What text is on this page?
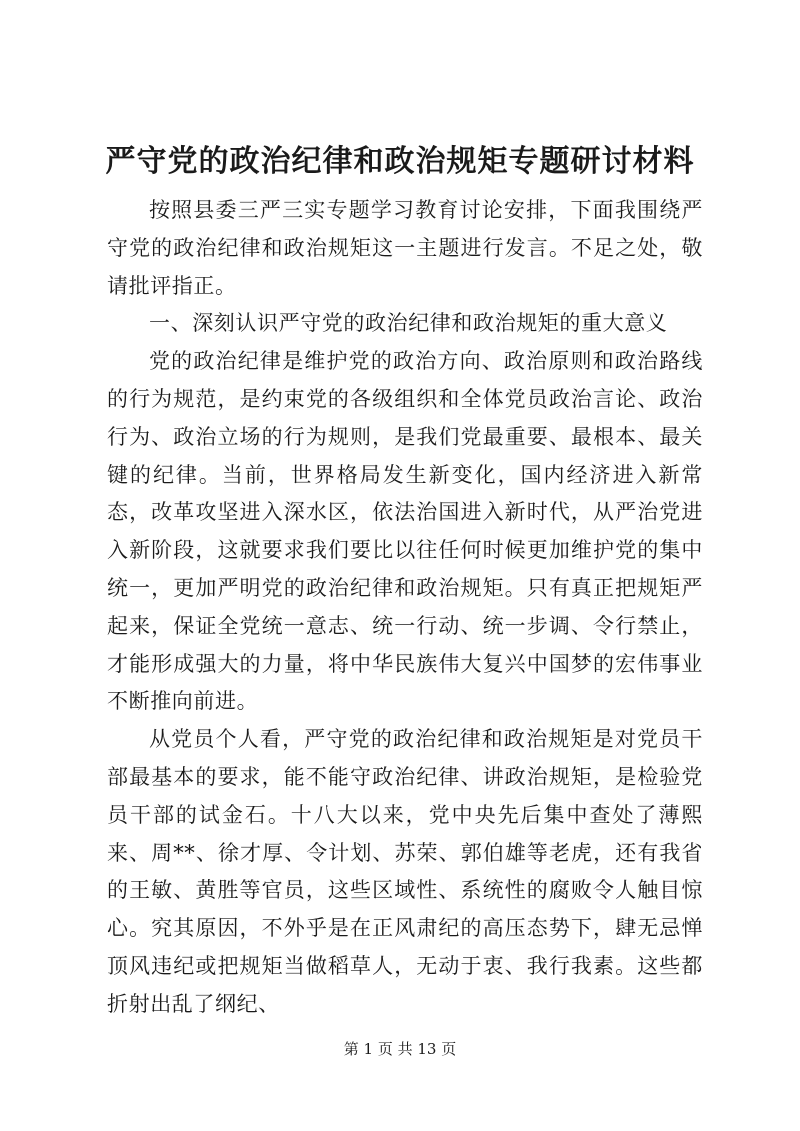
严守党的政治纪律和政治规矩专题研讨材料

按照县委三严三实专题学习教育讨论安排，下面我围绕严守党的政治纪律和政治规矩这一主题进行发言。不足之处，敬请批评指正。

一、深刻认识严守党的政治纪律和政治规矩的重大意义

党的政治纪律是维护党的政治方向、政治原则和政治路线的行为规范，是约束党的各级组织和全体党员政治言论、政治行为、政治立场的行为规则，是我们党最重要、最根本、最关键的纪律。当前，世界格局发生新变化，国内经济进入新常态，改革攻坚进入深水区，依法治国进入新时代，从严治党进入新阶段，这就要求我们要比以往任何时候更加维护党的集中统一，更加严明党的政治纪律和政治规矩。只有真正把规矩严起来，保证全党统一意志、统一行动、统一步调、令行禁止，才能形成强大的力量，将中华民族伟大复兴中国梦的宏伟事业不断推向前进。

从党员个人看，严守党的政治纪律和政治规矩是对党员干部最基本的要求，能不能守政治纪律、讲政治规矩，是检验党员干部的试金石。十八大以来，党中央先后集中查处了薄熙来、周**、徐才厚、令计划、苏荣、郭伯雄等老虎，还有我省的王敏、黄胜等官员，这些区域性、系统性的腐败令人触目惊心。究其原因，不外乎是在正风肃纪的高压态势下，肆无忌惮顶风违纪或把规矩当做稻草人，无动于衷、我行我素。这些都折射出乱了纲纪、

第 1 页 共 13 页
